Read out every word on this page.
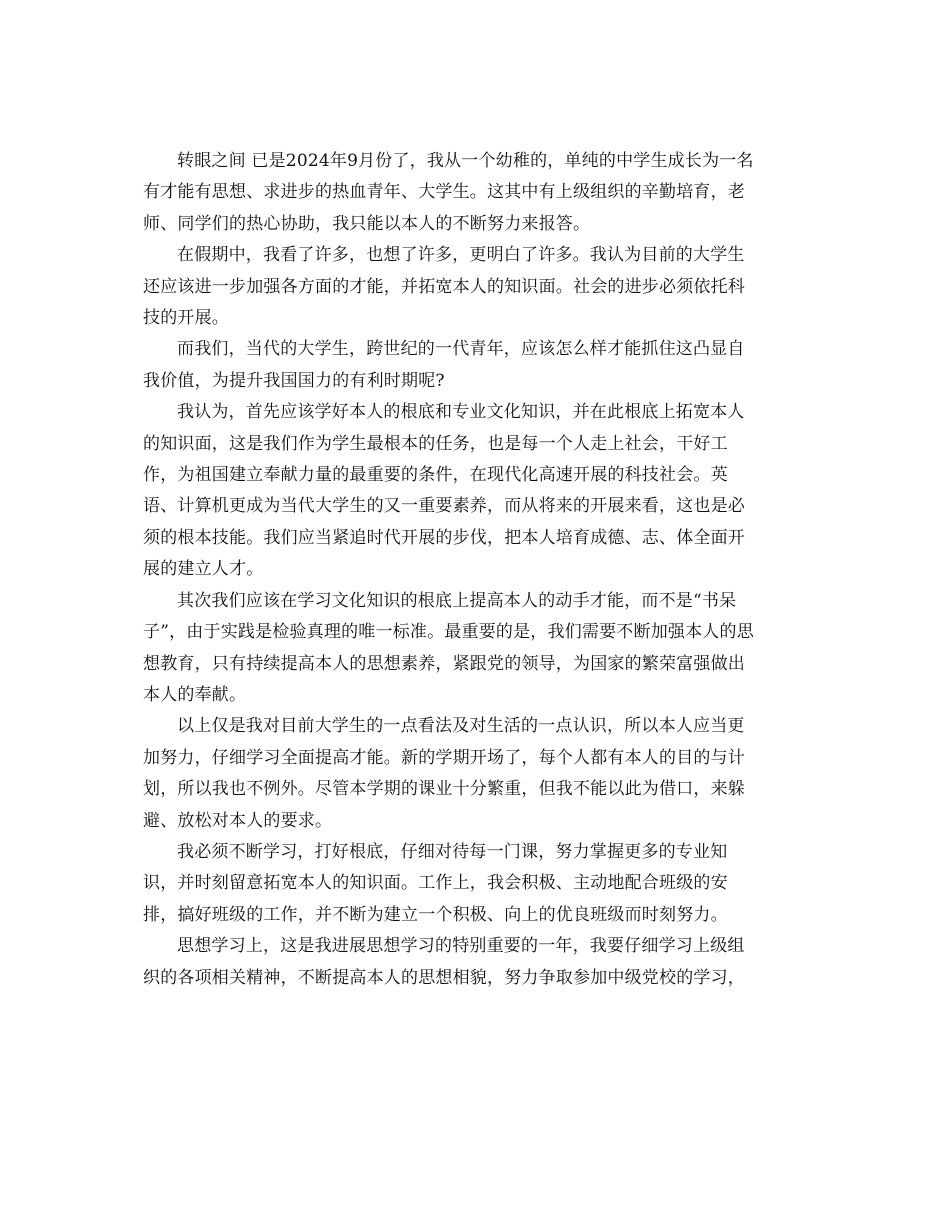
转眼之间 已是2024年9月份了，我从一个幼稚的，单纯的中学生成长为一名
有才能有思想、求进步的热血青年、大学生。这其中有上级组织的辛勤培育，老
师、同学们的热心协助，我只能以本人的不断努力来报答。

在假期中，我看了许多，也想了许多，更明白了许多。我认为目前的大学生
还应该进一步加强各方面的才能，并拓宽本人的知识面。社会的进步必须依托科
技的开展。

而我们，当代的大学生，跨世纪的一代青年，应该怎么样才能抓住这凸显自
我价值，为提升我国国力的有利时期呢?

我认为，首先应该学好本人的根底和专业文化知识，并在此根底上拓宽本人
的知识面，这是我们作为学生最根本的任务，也是每一个人走上社会，干好工
作，为祖国建立奉献力量的最重要的条件，在现代化高速开展的科技社会。英
语、计算机更成为当代大学生的又一重要素养，而从将来的开展来看，这也是必
须的根本技能。我们应当紧追时代开展的步伐，把本人培育成德、志、体全面开
展的建立人才。

其次我们应该在学习文化知识的根底上提高本人的动手才能，而不是“书呆
子”，由于实践是检验真理的唯一标准。最重要的是，我们需要不断加强本人的思
想教育，只有持续提高本人的思想素养，紧跟党的领导，为国家的繁荣富强做出
本人的奉献。

以上仅是我对目前大学生的一点看法及对生活的一点认识，所以本人应当更
加努力，仔细学习全面提高才能。新的学期开场了，每个人都有本人的目的与计
划，所以我也不例外。尽管本学期的课业十分繁重，但我不能以此为借口，来躲
避、放松对本人的要求。

我必须不断学习，打好根底，仔细对待每一门课，努力掌握更多的专业知
识，并时刻留意拓宽本人的知识面。工作上，我会积极、主动地配合班级的安
排，搞好班级的工作，并不断为建立一个积极、向上的优良班级而时刻努力。

思想学习上，这是我进展思想学习的特别重要的一年，我要仔细学习上级组
织的各项相关精神，不断提高本人的思想相貌，努力争取参加中级党校的学习，
